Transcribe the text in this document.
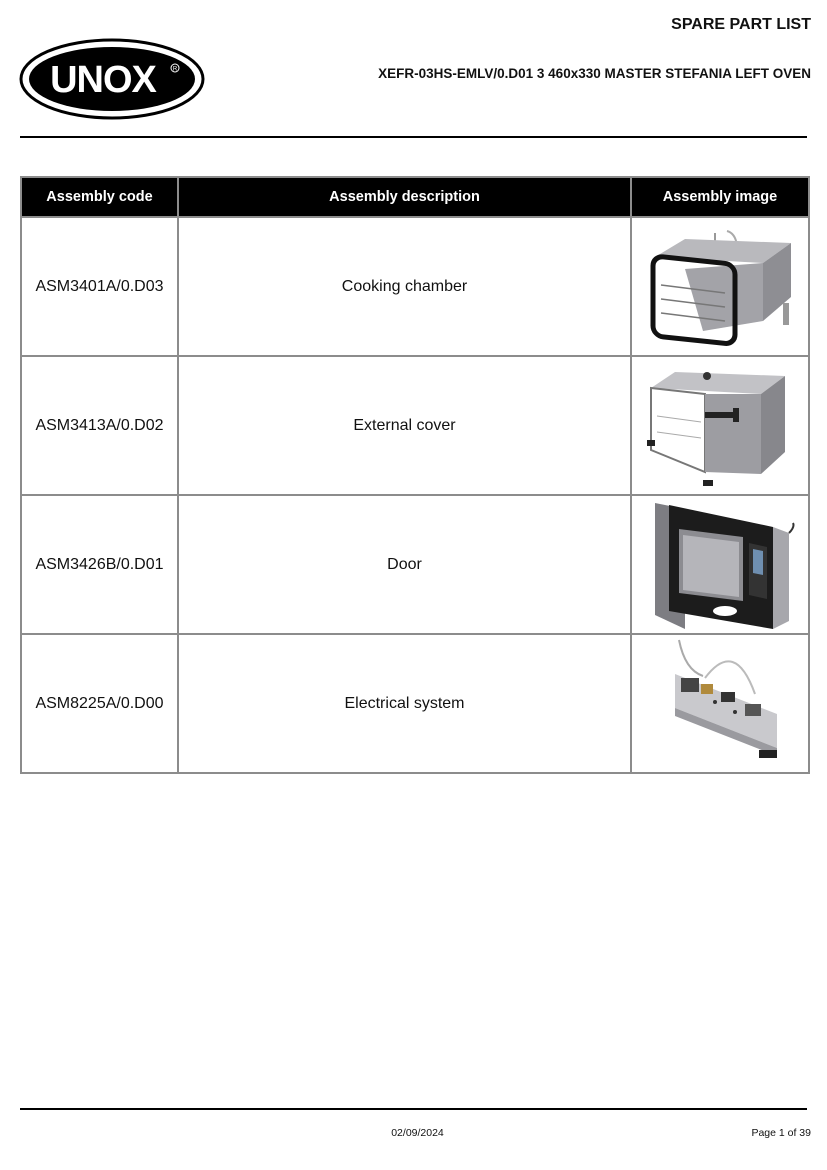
SPARE PART LIST
UNOX	R	XEFR-03HS-EMLV/0.D01 3 460x330 MASTER STEFANIA LEFT OVEN
Assembly code	Assembly description	Assembly image
ASM3401A/0.D03	Cooking chamber	

ASM3413A/0.D02	External cover	

ASM3426B/0.D01	Door	

ASM8225A/0.D00	Electrical system	
02/09/2024	Page 1 of 39
